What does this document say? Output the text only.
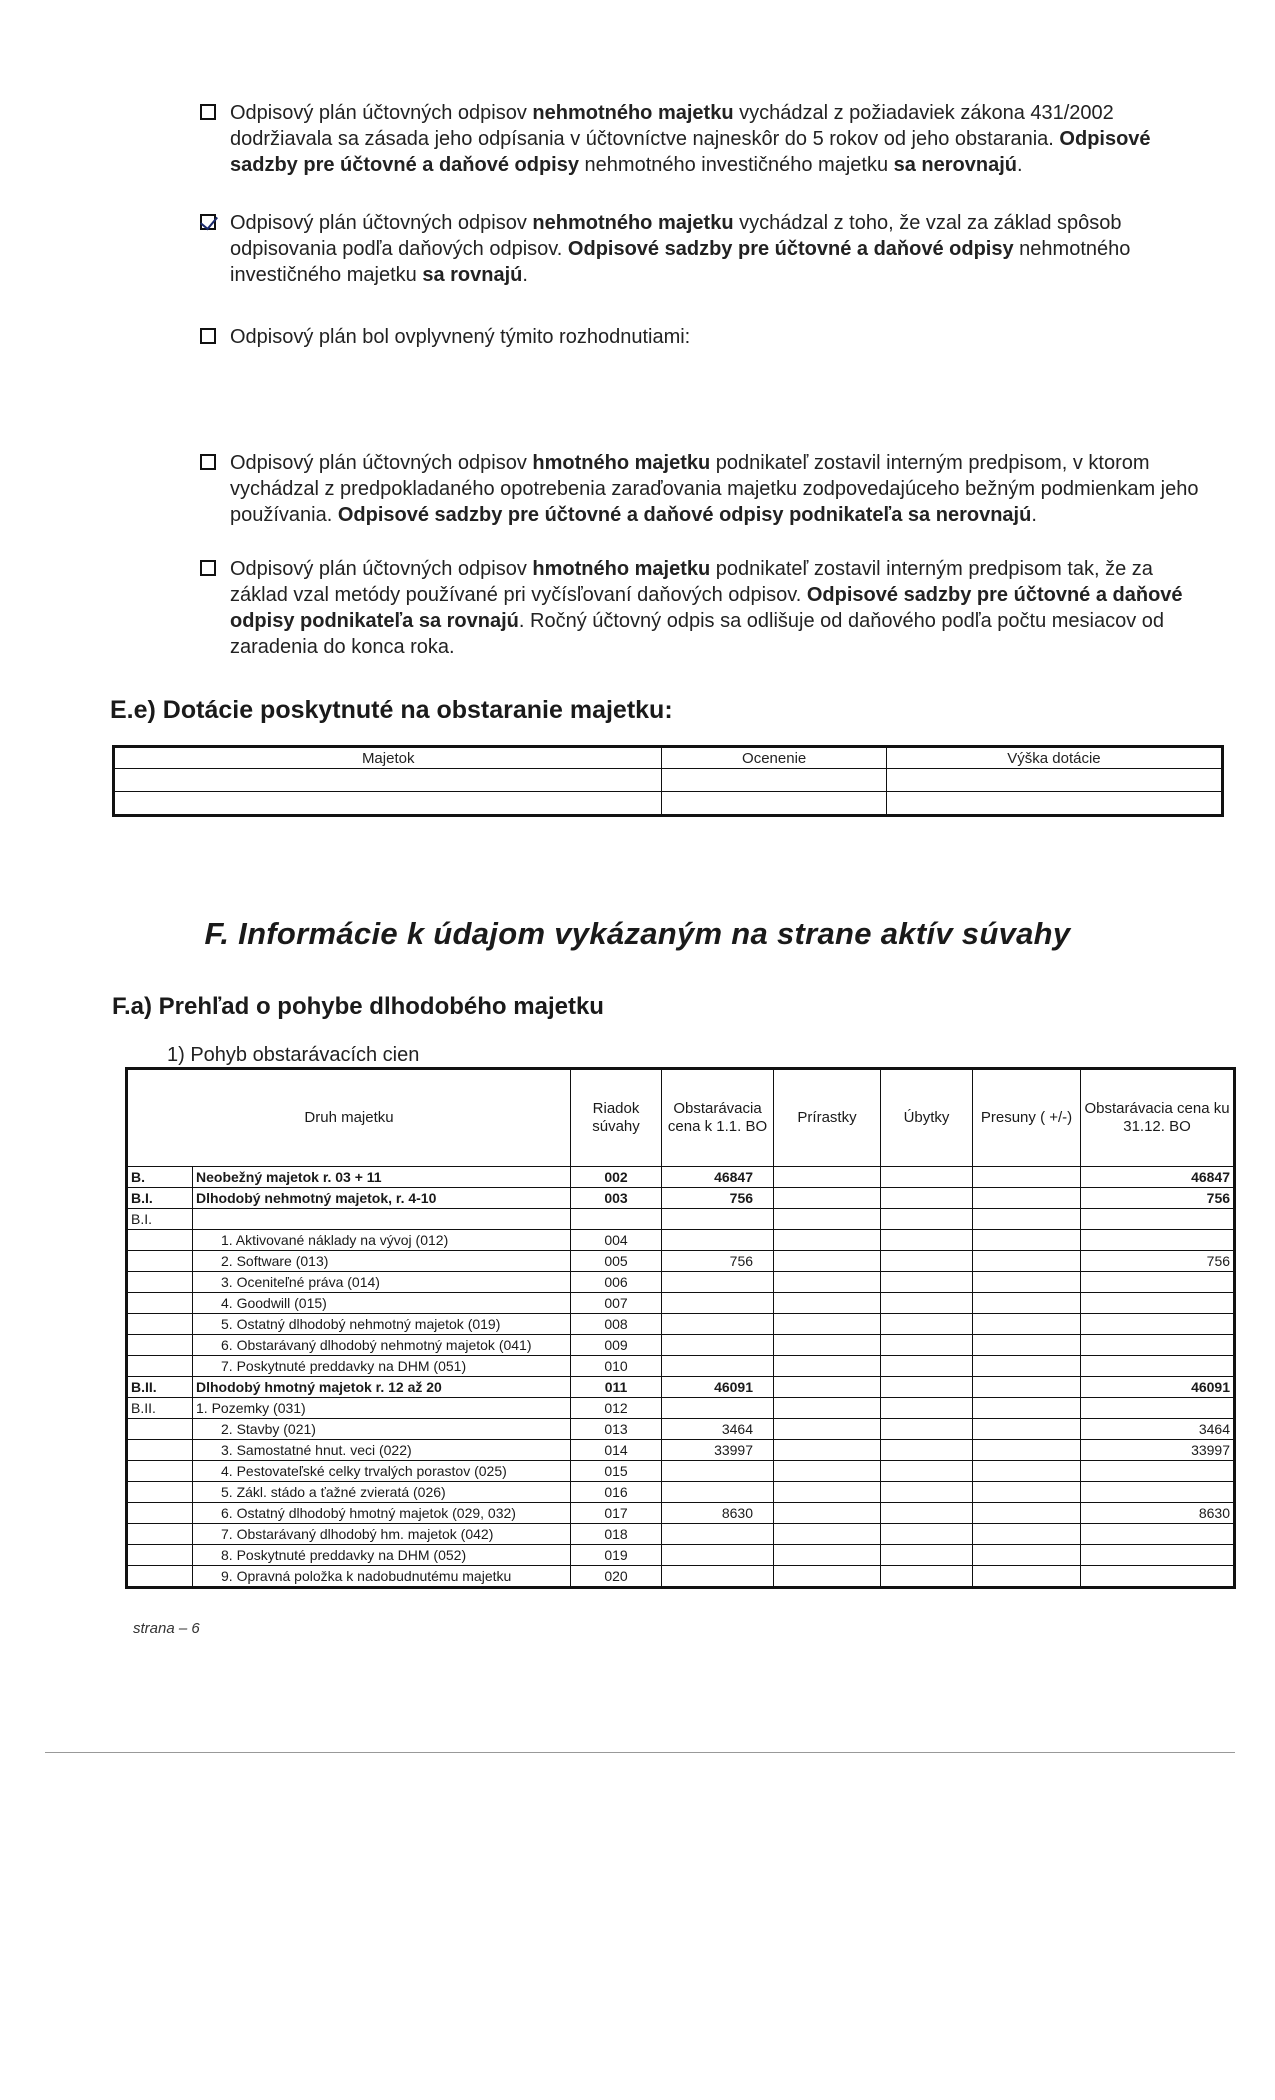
Odpisový plán účtovných odpisov nehmotného majetku vychádzal z požiadaviek zákona 431/2002 dodržiavala sa zásada jeho odpísania v účtovníctve najneskôr do 5 rokov od jeho obstarania. Odpisové sadzby pre účtovné a daňové odpisy nehmotného investičného majetku sa nerovnajú.

Odpisový plán účtovných odpisov nehmotného majetku vychádzal z toho, že vzal za základ spôsob odpisovania podľa daňových odpisov. Odpisové sadzby pre účtovné a daňové odpisy nehmotného investičného majetku sa rovnajú.

Odpisový plán bol ovplyvnený týmito rozhodnutiami:

Odpisový plán účtovných odpisov hmotného majetku podnikateľ zostavil interným predpisom, v ktorom vychádzal z predpokladaného opotrebenia zaraďovania majetku zodpovedajúceho bežným podmienkam jeho používania. Odpisové sadzby pre účtovné a daňové odpisy podnikateľa sa nerovnajú.

Odpisový plán účtovných odpisov hmotného majetku podnikateľ zostavil interným predpisom tak, že za základ vzal metódy používané pri vyčísľovaní daňových odpisov. Odpisové sadzby pre účtovné a daňové odpisy podnikateľa sa rovnajú. Ročný účtovný odpis sa odlišuje od daňového podľa počtu mesiacov od zaradenia do konca roka.

E.e) Dotácie poskytnuté na obstaranie majetku:
Majetok	Ocenenie	Výška dotácie

F. Informácie k údajom vykázaným na strane aktív súvahy
F.a) Prehľad o pohybe dlhodobého majetku
1) Pohyb obstarávacích cien
Druh majetku		Riadok súvahy	Obstarávacia cena k 1.1. BO	Prírastky	Úbytky	Presuny ( +/-)	Obstarávacia cena ku 31.12. BO
B.	Neobežný majetok r. 03 + 11	002	46847				46847
B.I.	Dlhodobý nehmotný majetok, r. 4-10	003	756				756
B.I.							
	1. Aktivované náklady na vývoj (012)	004					
	2. Software (013)	005	756				756
	3. Oceniteľné práva (014)	006					
	4. Goodwill (015)	007					
	5. Ostatný dlhodobý nehmotný majetok (019)	008					
	6. Obstarávaný dlhodobý nehmotný majetok (041)	009					
	7. Poskytnuté preddavky na DHM (051)	010					
B.II.	Dlhodobý hmotný majetok r. 12 až 20	011	46091				46091
B.II.	1. Pozemky (031)	012					
	2. Stavby (021)	013	3464				3464
	3. Samostatné hnut. veci (022)	014	33997				33997
	4. Pestovateľské celky trvalých porastov (025)	015					
	5. Zákl. stádo a ťažné zvieratá (026)	016					
	6. Ostatný dlhodobý hmotný majetok (029, 032)	017	8630				8630
	7. Obstarávaný dlhodobý hm. majetok (042)	018					
	8. Poskytnuté preddavky na DHM (052)	019					
	9. Opravná položka k nadobudnutému majetku	020					
strana – 6
